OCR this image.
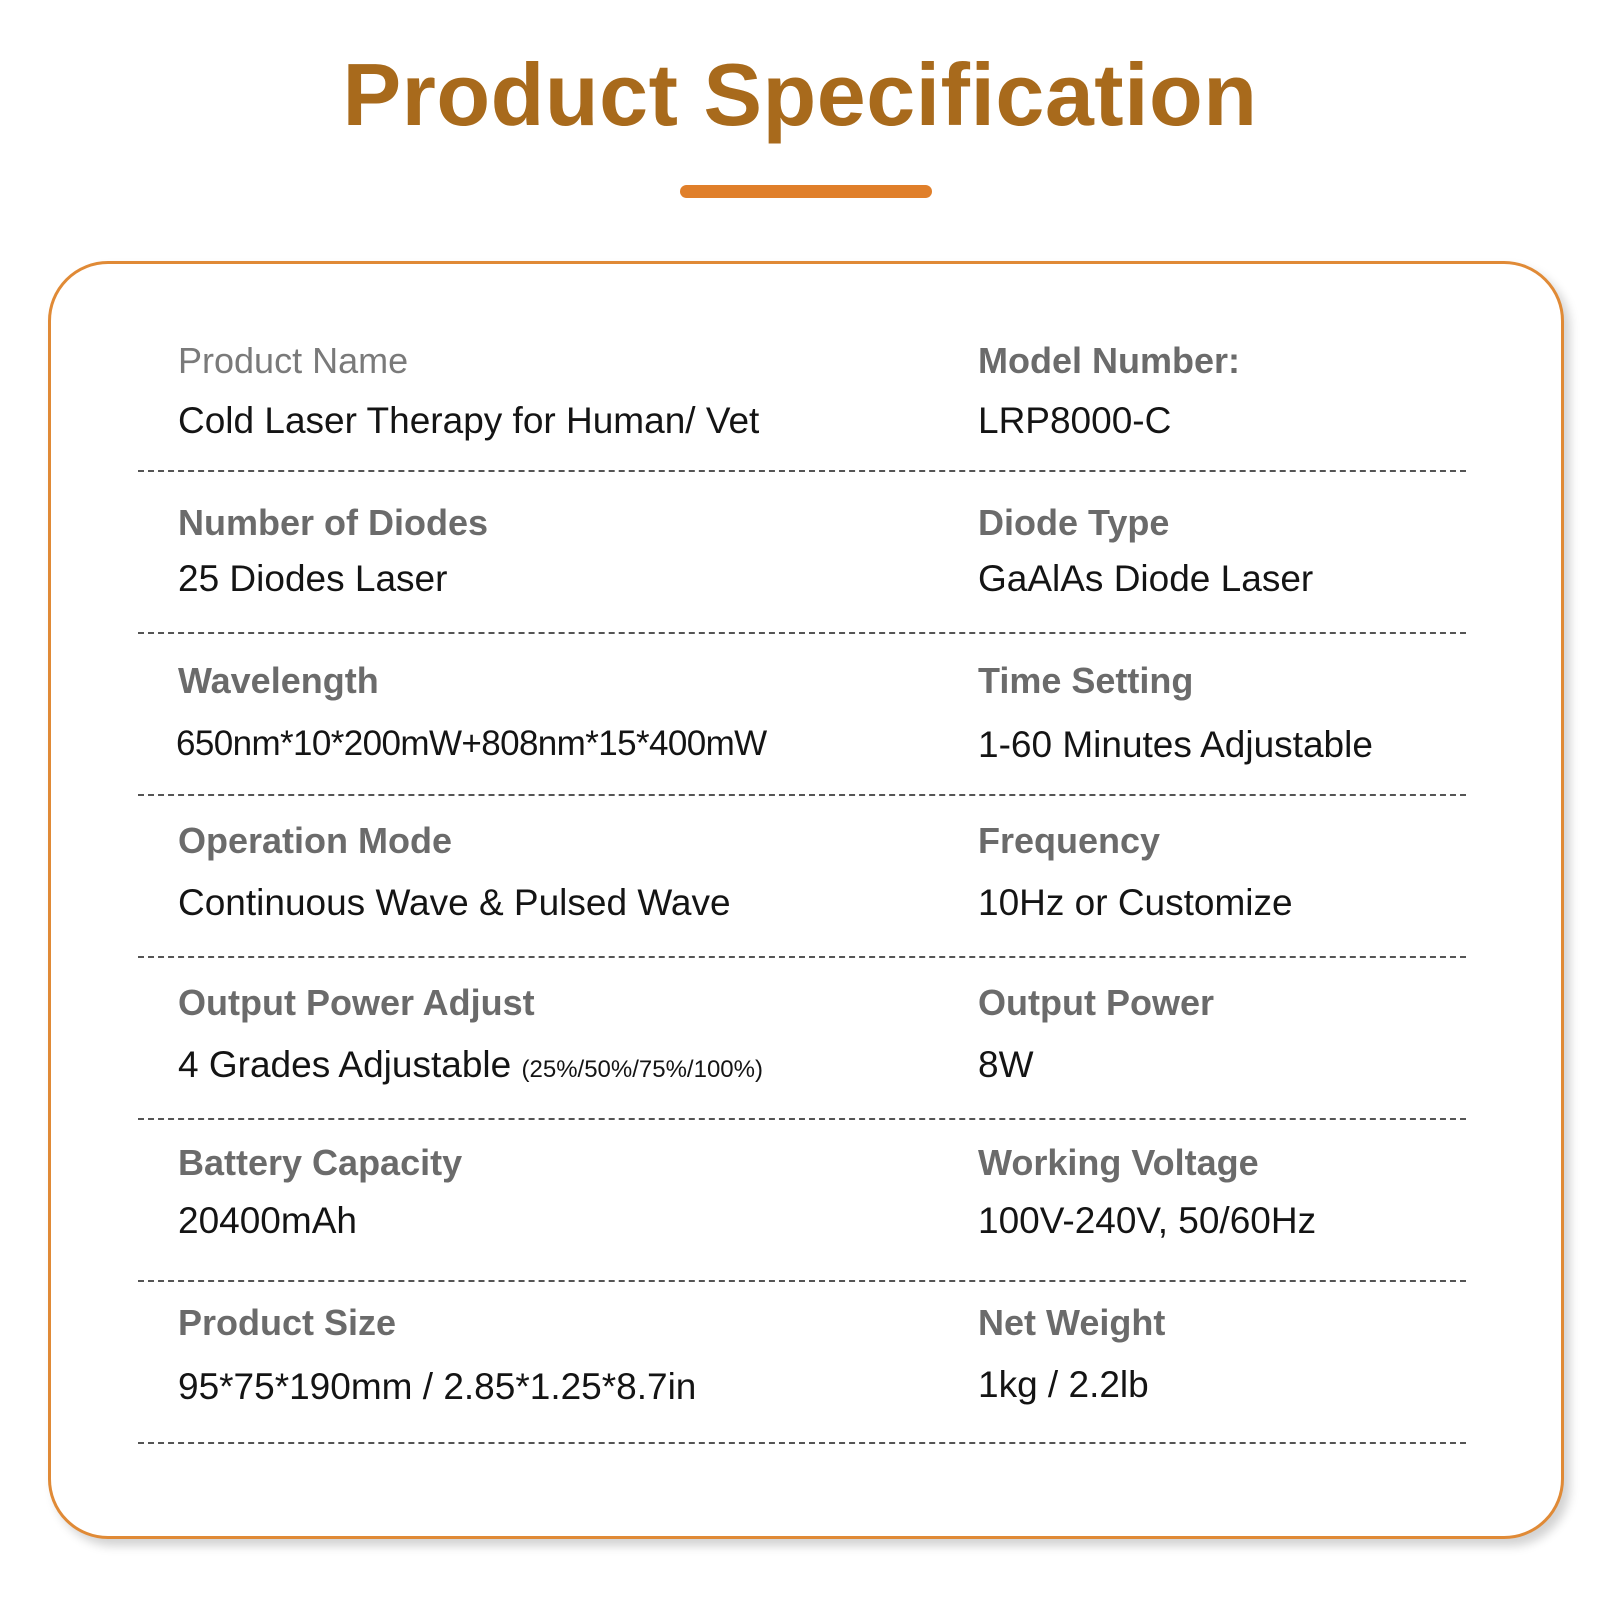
Product Specification
Product Name
Cold Laser Therapy for Human/ Vet
Model Number:
LRP8000-C
Number of Diodes
25 Diodes Laser
Diode Type
GaAlAs Diode Laser
Wavelength
650nm*10*200mW+808nm*15*400mW
Time Setting
1-60 Minutes Adjustable
Operation Mode
Continuous Wave & Pulsed Wave
Frequency
10Hz or Customize
Output Power Adjust
4 Grades Adjustable (25%/50%/75%/100%)
Output Power
8W
Battery Capacity
20400mAh
Working Voltage
100V-240V, 50/60Hz
Product Size
95*75*190mm / 2.85*1.25*8.7in
Net Weight
1kg / 2.2lb
